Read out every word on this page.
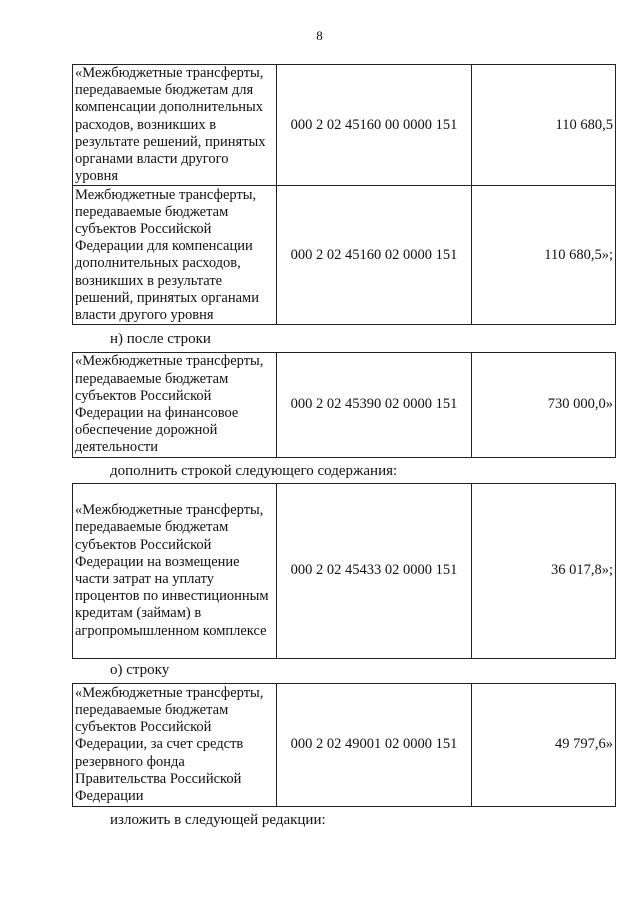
8
«Межбюджетные трансферты, передаваемые бюджетам для компенсации дополнительных расходов, возникших в результате решений, принятых органами власти другого уровня	000 2 02 45160 00 0000 151	110 680,5
Межбюджетные трансферты, передаваемые бюджетам субъектов Российской Федерации для компенсации дополнительных расходов, возникших в результате решений, принятых органами власти другого уровня	000 2 02 45160 02 0000 151	110 680,5»;
н) после строки
«Межбюджетные трансферты, передаваемые бюджетам субъектов Российской Федерации на финансовое обеспечение дорожной деятельности	000 2 02 45390 02 0000 151	730 000,0»
дополнить строкой следующего содержания:
«Межбюджетные трансферты, передаваемые бюджетам субъектов Российской Федерации на возмещение части затрат на уплату процентов по инвестиционным кредитам (займам) в агропромышленном комплексе	000 2 02 45433 02 0000 151	36 017,8»;
о) строку
«Межбюджетные трансферты, передаваемые бюджетам субъектов Российской Федерации, за счет средств резервного фонда Правительства Российской Федерации	000 2 02 49001 02 0000 151	49 797,6»
изложить в следующей редакции:
